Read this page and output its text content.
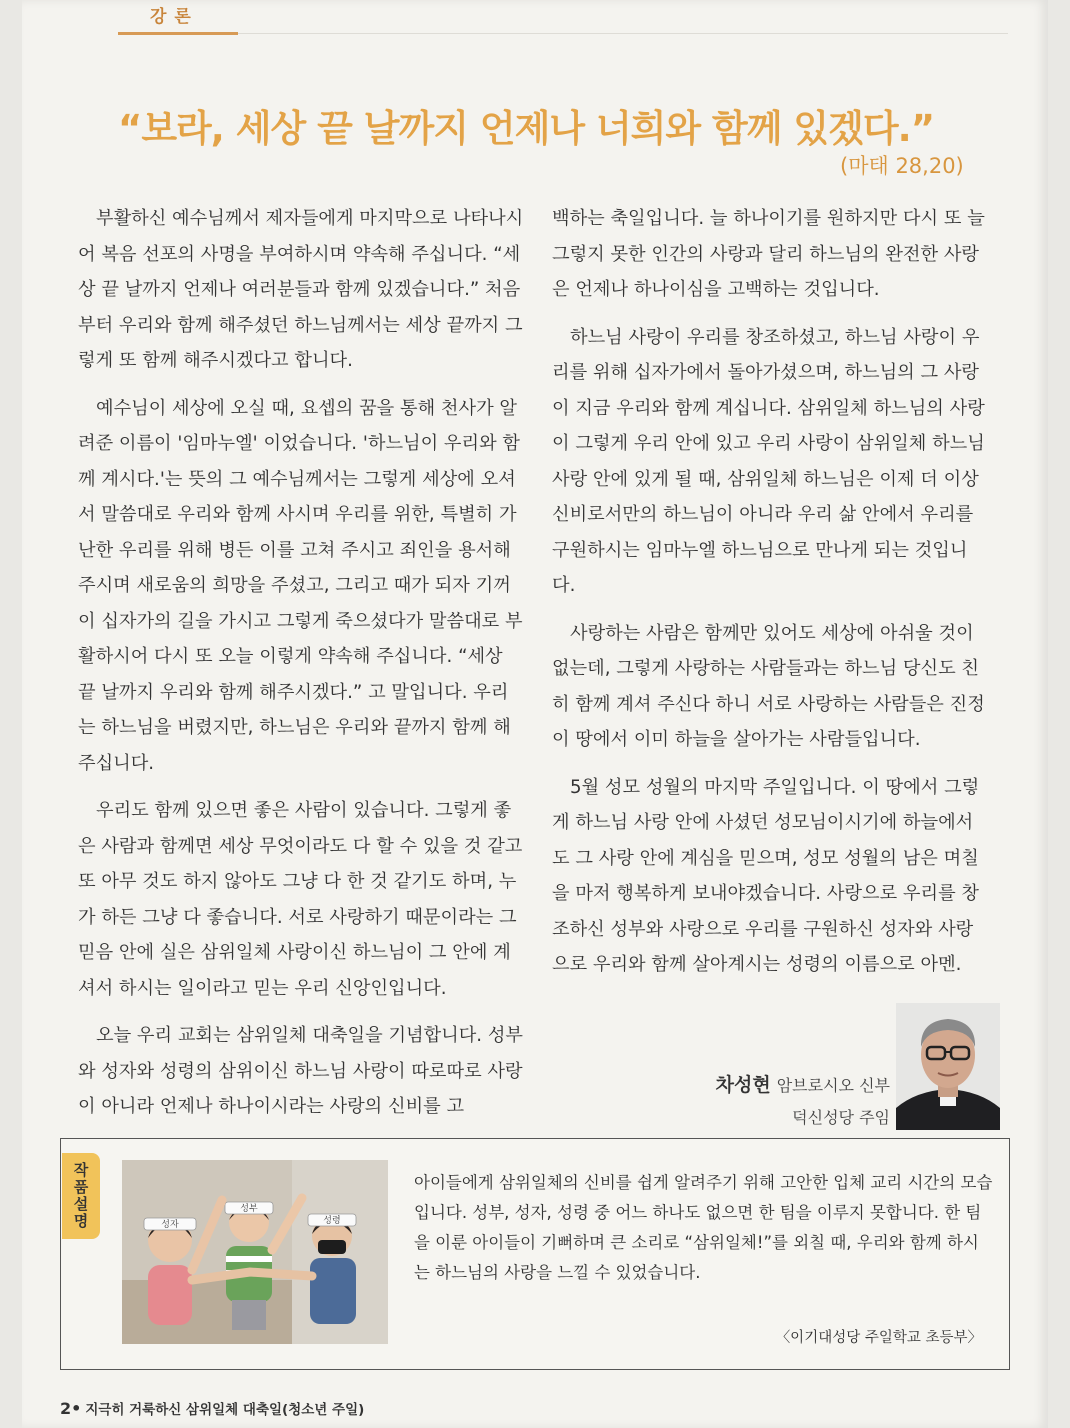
강론
“보라, 세상 끝 날까지 언제나 너희와 함께 있겠다.”
(마태 28,20)

부활하신 예수님께서 제자들에게 마지막으로 나타나시어 복음 선포의 사명을 부여하시며 약속해 주십니다. “세상 끝 날까지 언제나 여러분들과 함께 있겠습니다.” 처음부터 우리와 함께 해주셨던 하느님께서는 세상 끝까지 그렇게 또 함께 해주시겠다고 합니다.

예수님이 세상에 오실 때, 요셉의 꿈을 통해 천사가 알려준 이름이 '임마누엘' 이었습니다. '하느님이 우리와 함께 계시다.'는 뜻의 그 예수님께서는 그렇게 세상에 오셔서 말씀대로 우리와 함께 사시며 우리를 위한, 특별히 가난한 우리를 위해 병든 이를 고쳐 주시고 죄인을 용서해 주시며 새로움의 희망을 주셨고, 그리고 때가 되자 기꺼이 십자가의 길을 가시고 그렇게 죽으셨다가 말씀대로 부활하시어 다시 또 오늘 이렇게 약속해 주십니다. “세상 끝 날까지 우리와 함께 해주시겠다.” 고 말입니다. 우리는 하느님을 버렸지만, 하느님은 우리와 끝까지 함께 해주십니다.

우리도 함께 있으면 좋은 사람이 있습니다. 그렇게 좋은 사람과 함께면 세상 무엇이라도 다 할 수 있을 것 같고 또 아무 것도 하지 않아도 그냥 다 한 것 같기도 하며, 누가 하든 그냥 다 좋습니다. 서로 사랑하기 때문이라는 그 믿음 안에 실은 삼위일체 사랑이신 하느님이 그 안에 계셔서 하시는 일이라고 믿는 우리 신앙인입니다.

오늘 우리 교회는 삼위일체 대축일을 기념합니다. 성부와 성자와 성령의 삼위이신 하느님 사랑이 따로따로 사랑이 아니라 언제나 하나이시라는 사랑의 신비를 고

백하는 축일입니다. 늘 하나이기를 원하지만 다시 또 늘 그렇지 못한 인간의 사랑과 달리 하느님의 완전한 사랑은 언제나 하나이심을 고백하는 것입니다.

하느님 사랑이 우리를 창조하셨고, 하느님 사랑이 우리를 위해 십자가에서 돌아가셨으며, 하느님의 그 사랑이 지금 우리와 함께 계십니다. 삼위일체 하느님의 사랑이 그렇게 우리 안에 있고 우리 사랑이 삼위일체 하느님 사랑 안에 있게 될 때, 삼위일체 하느님은 이제 더 이상 신비로서만의 하느님이 아니라 우리 삶 안에서 우리를 구원하시는 임마누엘 하느님으로 만나게 되는 것입니다.

사랑하는 사람은 함께만 있어도 세상에 아쉬울 것이 없는데, 그렇게 사랑하는 사람들과는 하느님 당신도 친히 함께 계셔 주신다 하니 서로 사랑하는 사람들은 진정 이 땅에서 이미 하늘을 살아가는 사람들입니다.

5월 성모 성월의 마지막 주일입니다. 이 땅에서 그렇게 하느님 사랑 안에 사셨던 성모님이시기에 하늘에서도 그 사랑 안에 계심을 믿으며, 성모 성월의 남은 며칠을 마저 행복하게 보내야겠습니다. 사랑으로 우리를 창조하신 성부와 사랑으로 우리를 구원하신 성자와 사랑으로 우리와 함께 살아계시는 성령의 이름으로 아멘.

차성현 암브로시오 신부
덕신성당 주임
작품설명	성자
성부
성령
아이들에게 삼위일체의 신비를 쉽게 알려주기 위해 고안한 입체 교리 시간의 모습입니다. 성부, 성자, 성령 중 어느 하나도 없으면 한 팀을 이루지 못합니다. 한 팀을 이룬 아이들이 기뻐하며 큰 소리로 “삼위일체!”를 외칠 때, 우리와 함께 하시는 하느님의 사랑을 느낄 수 있었습니다.
〈이기대성당 주일학교 초등부〉
2• 지극히 거룩하신 삼위일체 대축일(청소년 주일)
